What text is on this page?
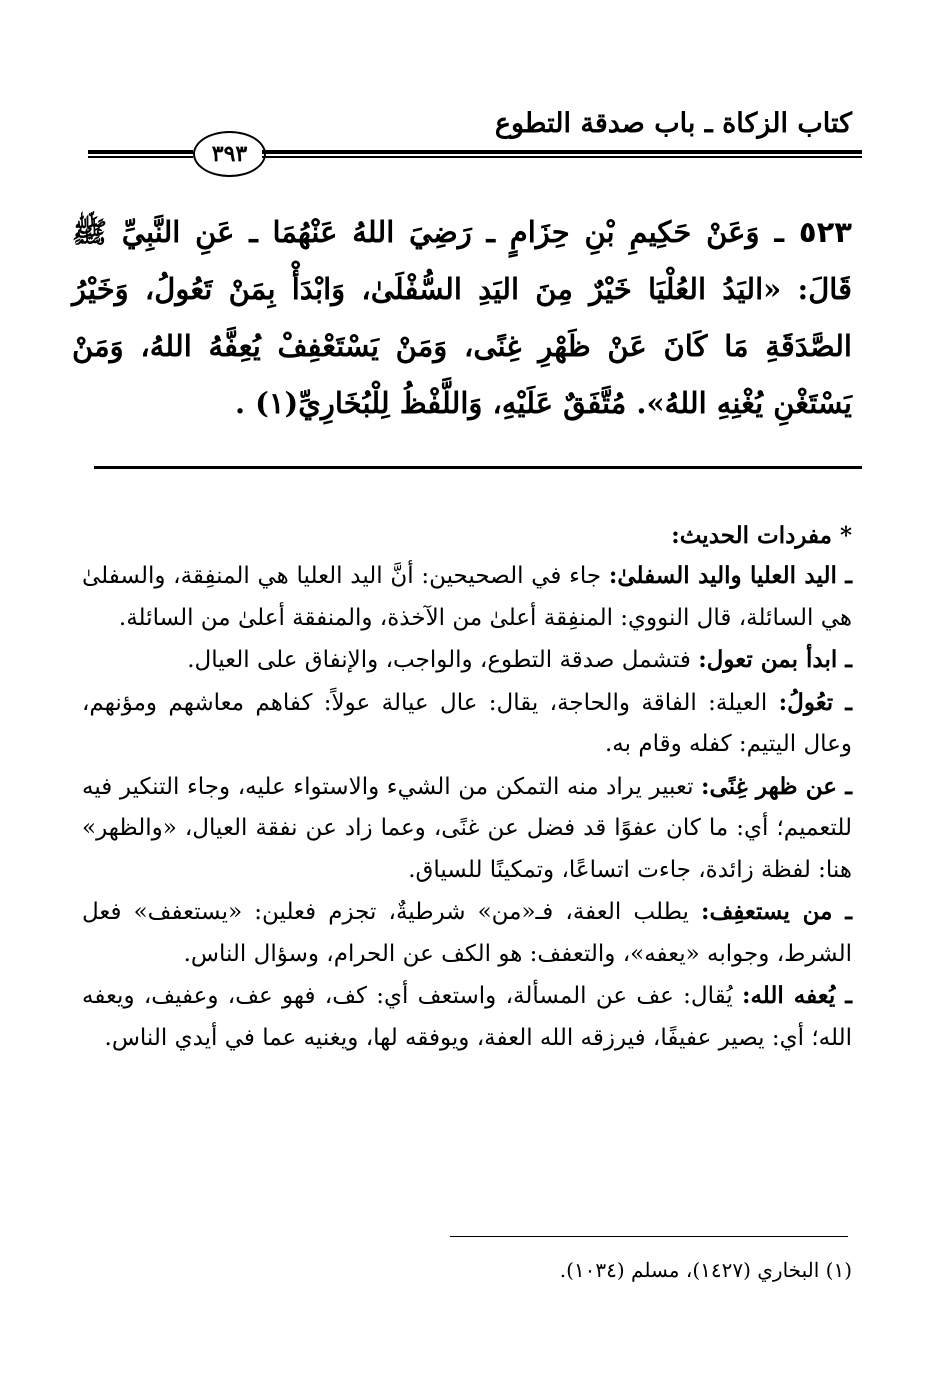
كتاب الزكاة ـ باب صدقة التطوع
٣٩٣
٥٢٣ ـ وَعَنْ حَكِيمِ بْنِ حِزَامٍ ـ رَضِيَ اللهُ عَنْهُمَا ـ عَنِ النَّبِيِّ ﷺ قَالَ: «اليَدُ العُلْيَا خَيْرٌ مِنَ اليَدِ السُّفْلَىٰ، وَابْدَأْ بِمَنْ تَعُولُ، وَخَيْرُ الصَّدَقَةِ مَا كَانَ عَنْ ظَهْرِ غِنًى، وَمَنْ يَسْتَعْفِفْ يُعِفَّهُ اللهُ، وَمَنْ يَسْتَغْنِ يُغْنِهِ اللهُ». مُتَّفَقٌ عَلَيْهِ، وَاللَّفْظُ لِلْبُخَارِيِّ(١) .
* مفردات الحديث:
ـ اليد العليا واليد السفلىٰ: جاء في الصحيحين: أنَّ اليد العليا هي المنفِقة، والسفلىٰ هي السائلة، قال النووي: المنفِقة أعلىٰ من الآخذة، والمنفقة أعلىٰ من السائلة.
ـ ابدأ بمن تعول: فتشمل صدقة التطوع، والواجب، والإنفاق على العيال.
ـ تعُولُ: العيلة: الفاقة والحاجة، يقال: عال عيالة عولاً: كفاهم معاشهم ومؤنهم، وعال اليتيم: كفله وقام به.
ـ عن ظهر غِنًى: تعبير يراد منه التمكن من الشيء والاستواء عليه، وجاء التنكير فيه للتعميم؛ أي: ما كان عفوًا قد فضل عن غنًى، وعما زاد عن نفقة العيال، «والظهر» هنا: لفظة زائدة، جاءت اتساعًا، وتمكينًا للسياق.
ـ من يستعفِف: يطلب العفة، فـ«من» شرطيةٌ، تجزم فعلين: «يستعفف» فعل الشرط، وجوابه «يعفه»، والتعفف: هو الكف عن الحرام، وسؤال الناس.
ـ يُعفه الله: يُقال: عف عن المسألة، واستعف أي: كف، فهو عف، وعفيف، ويعفه الله؛ أي: يصير عفيفًا، فيرزقه الله العفة، ويوفقه لها، ويغنيه عما في أيدي الناس.
(١) البخاري (١٤٢٧)، مسلم (١٠٣٤).
